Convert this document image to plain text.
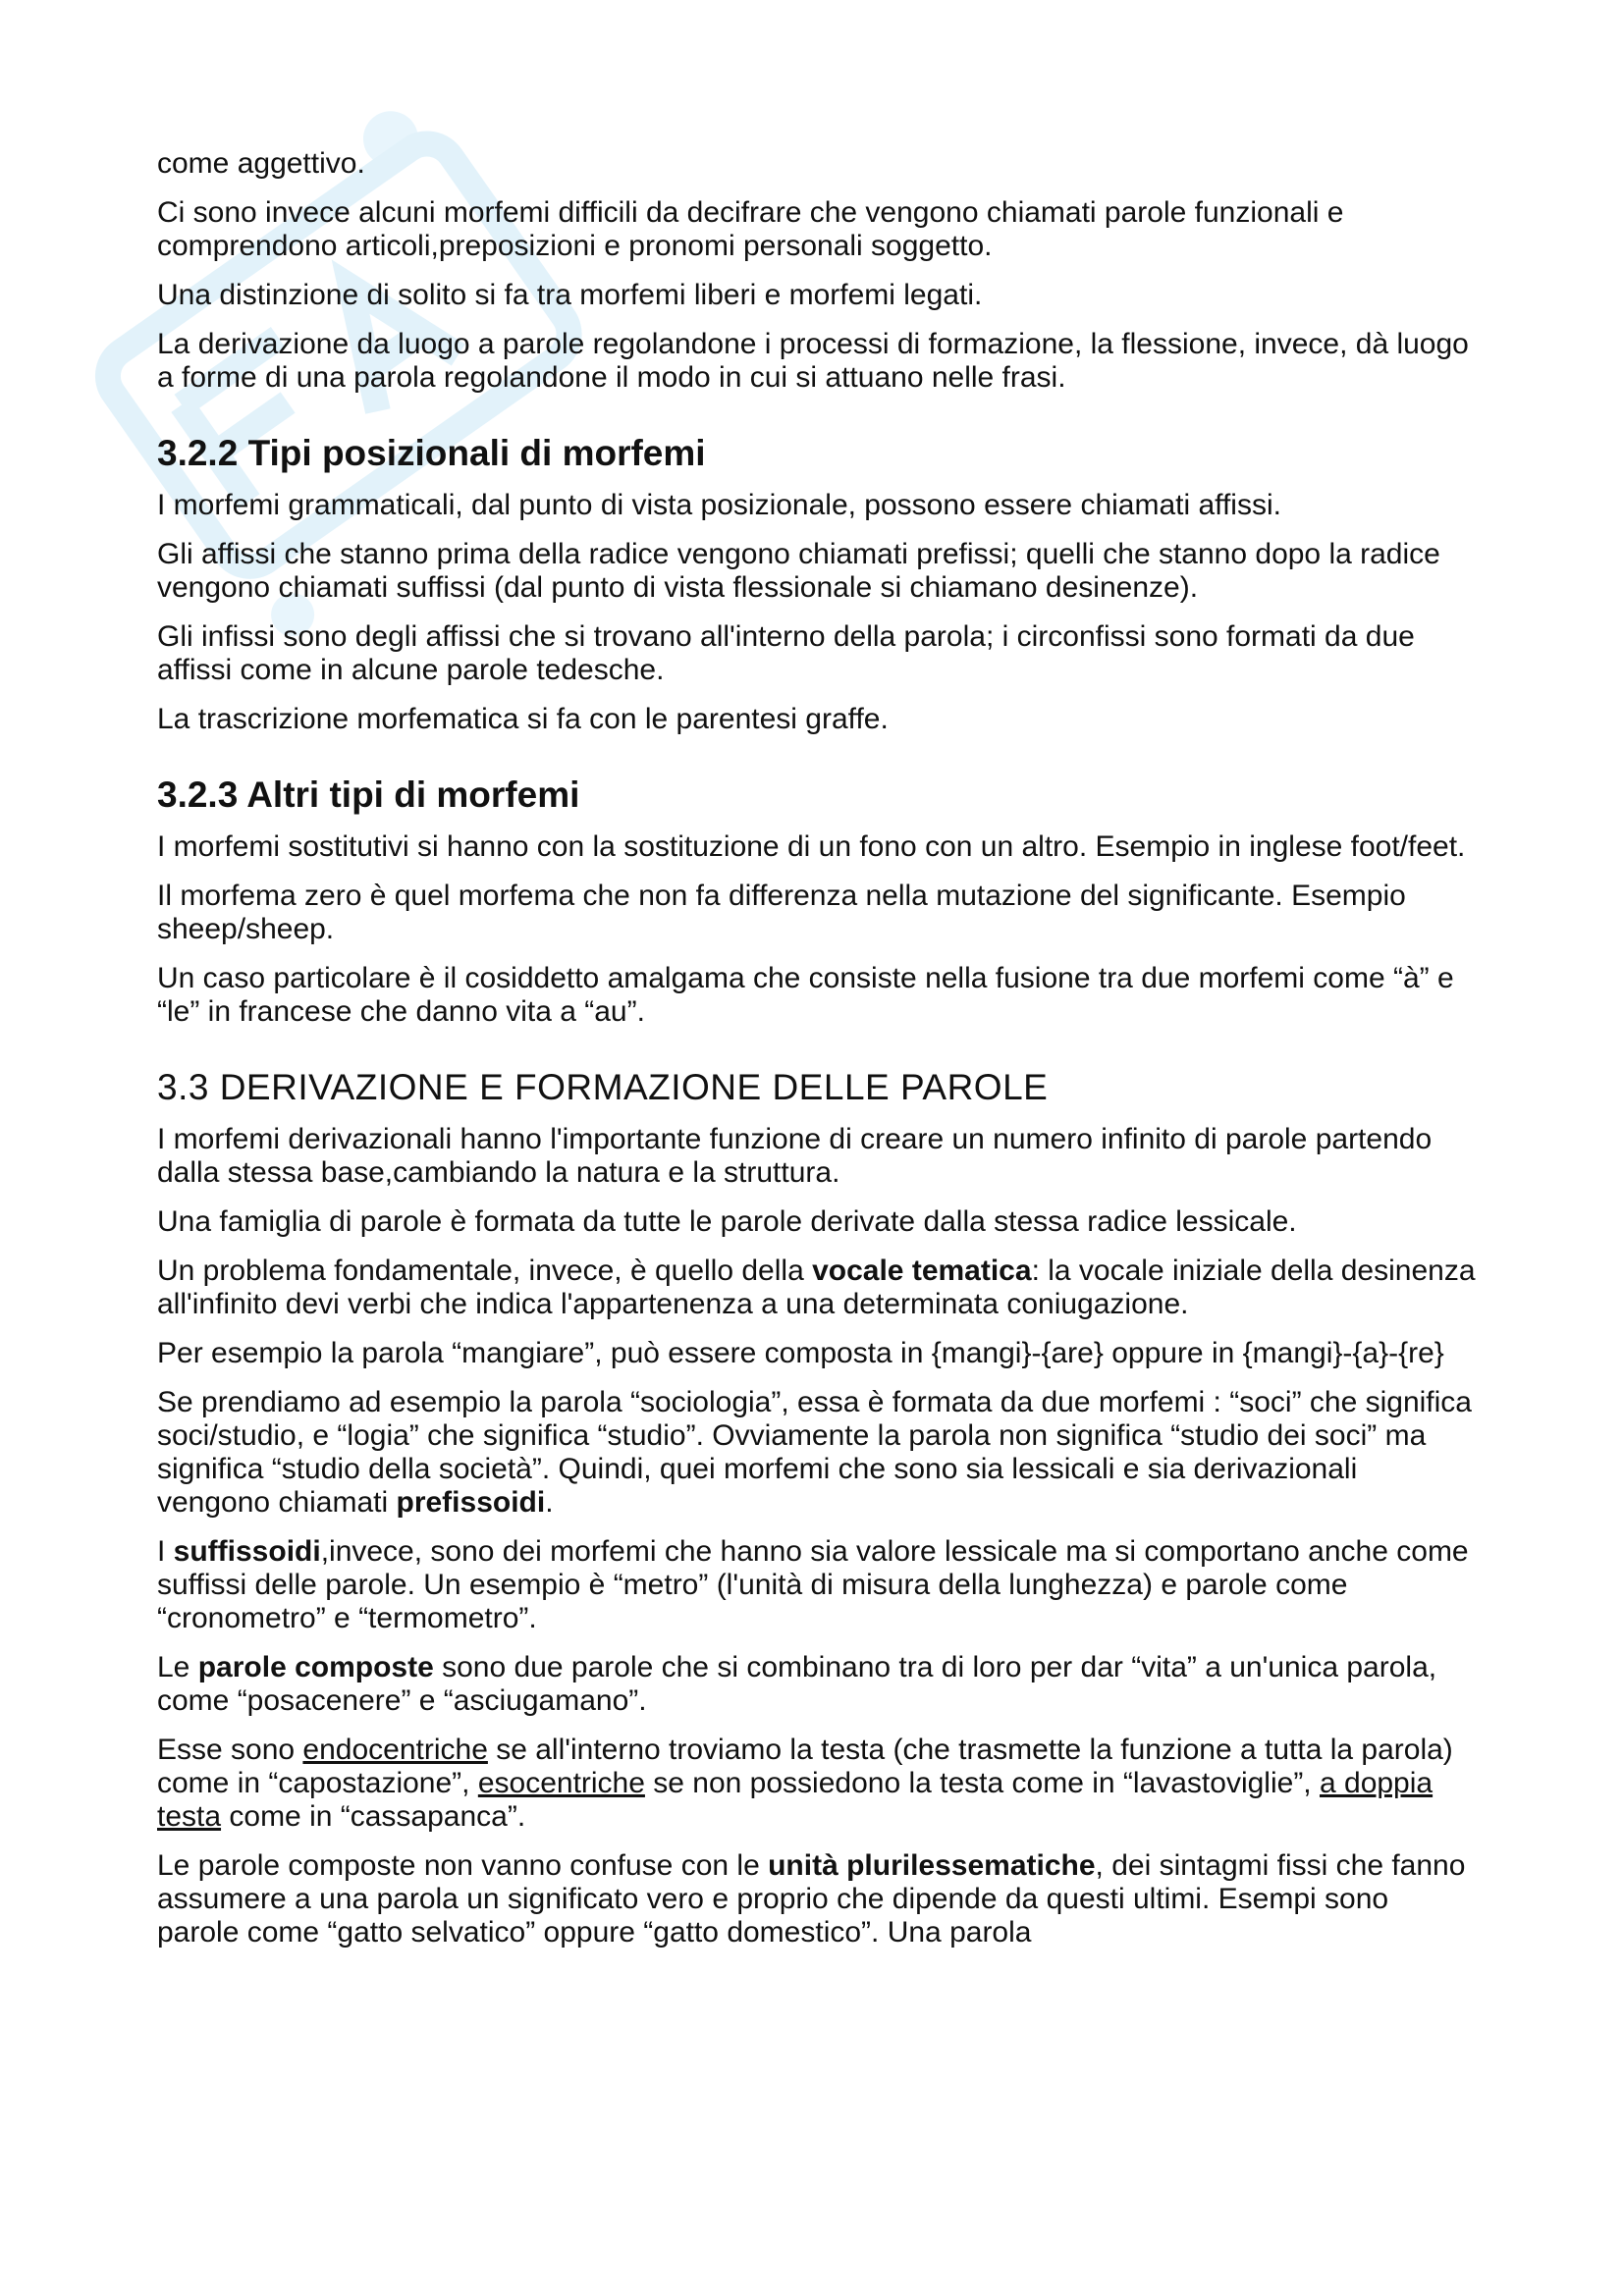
come aggettivo.

Ci sono invece alcuni morfemi difficili da decifrare che vengono chiamati parole funzionali e comprendono articoli,preposizioni e pronomi personali soggetto.

Una distinzione di solito si fa tra morfemi liberi e morfemi legati.

La derivazione da luogo a parole regolandone i processi di formazione, la flessione, invece, dà luogo a forme di una parola regolandone il modo in cui si attuano nelle frasi.

3.2.2 Tipi posizionali di morfemi

I morfemi grammaticali, dal punto di vista posizionale, possono essere chiamati affissi.

Gli affissi che stanno prima della radice vengono chiamati prefissi; quelli che stanno dopo la radice vengono chiamati suffissi (dal punto di vista flessionale si chiamano desinenze).

Gli infissi sono degli affissi che si trovano all'interno della parola; i circonfissi sono formati da due affissi come in alcune parole tedesche.

La trascrizione morfematica si fa con le parentesi graffe.

3.2.3 Altri tipi di morfemi

I morfemi sostitutivi si hanno con la sostituzione di un fono con un altro. Esempio in inglese foot/feet.

Il morfema zero è quel morfema che non fa differenza nella mutazione del significante. Esempio sheep/sheep.

Un caso particolare è il cosiddetto amalgama che consiste nella fusione tra due morfemi come “à” e “le” in francese che danno vita a “au”.

3.3 DERIVAZIONE E FORMAZIONE DELLE PAROLE

I morfemi derivazionali hanno l'importante funzione di creare un numero infinito di parole partendo dalla stessa base,cambiando la natura e la struttura.

Una famiglia di parole è formata da tutte le parole derivate dalla stessa radice lessicale.

Un problema fondamentale, invece, è quello della vocale tematica: la vocale iniziale della desinenza all'infinito devi verbi che indica l'appartenenza a una determinata coniugazione.

Per esempio la parola “mangiare”, può essere composta in {mangi}-{are} oppure in {mangi}-{a}-{re}

Se prendiamo ad esempio la parola “sociologia”, essa è formata da due morfemi : “soci” che significa soci/studio, e “logia” che significa “studio”. Ovviamente la parola non significa “studio dei soci” ma significa “studio della società”. Quindi, quei morfemi che sono sia lessicali e sia derivazionali vengono chiamati prefissoidi.

I suffissoidi,invece, sono dei morfemi che hanno sia valore lessicale ma si comportano anche come suffissi delle parole. Un esempio è “metro” (l'unità di misura della lunghezza) e parole come “cronometro” e “termometro”.

Le parole composte sono due parole che si combinano tra di loro per dar “vita” a un'unica parola, come “posacenere” e “asciugamano”.

Esse sono endocentriche se all'interno troviamo la testa (che trasmette la funzione a tutta la parola) come in “capostazione”, esocentriche se non possiedono la testa come in “lavastoviglie”, a doppia testa come in “cassapanca”.

Le parole composte non vanno confuse con le unità plurilessematiche, dei sintagmi fissi che fanno assumere a una parola un significato vero e proprio che dipende da questi ultimi. Esempi sono parole come “gatto selvatico” oppure “gatto domestico”. Una parola
